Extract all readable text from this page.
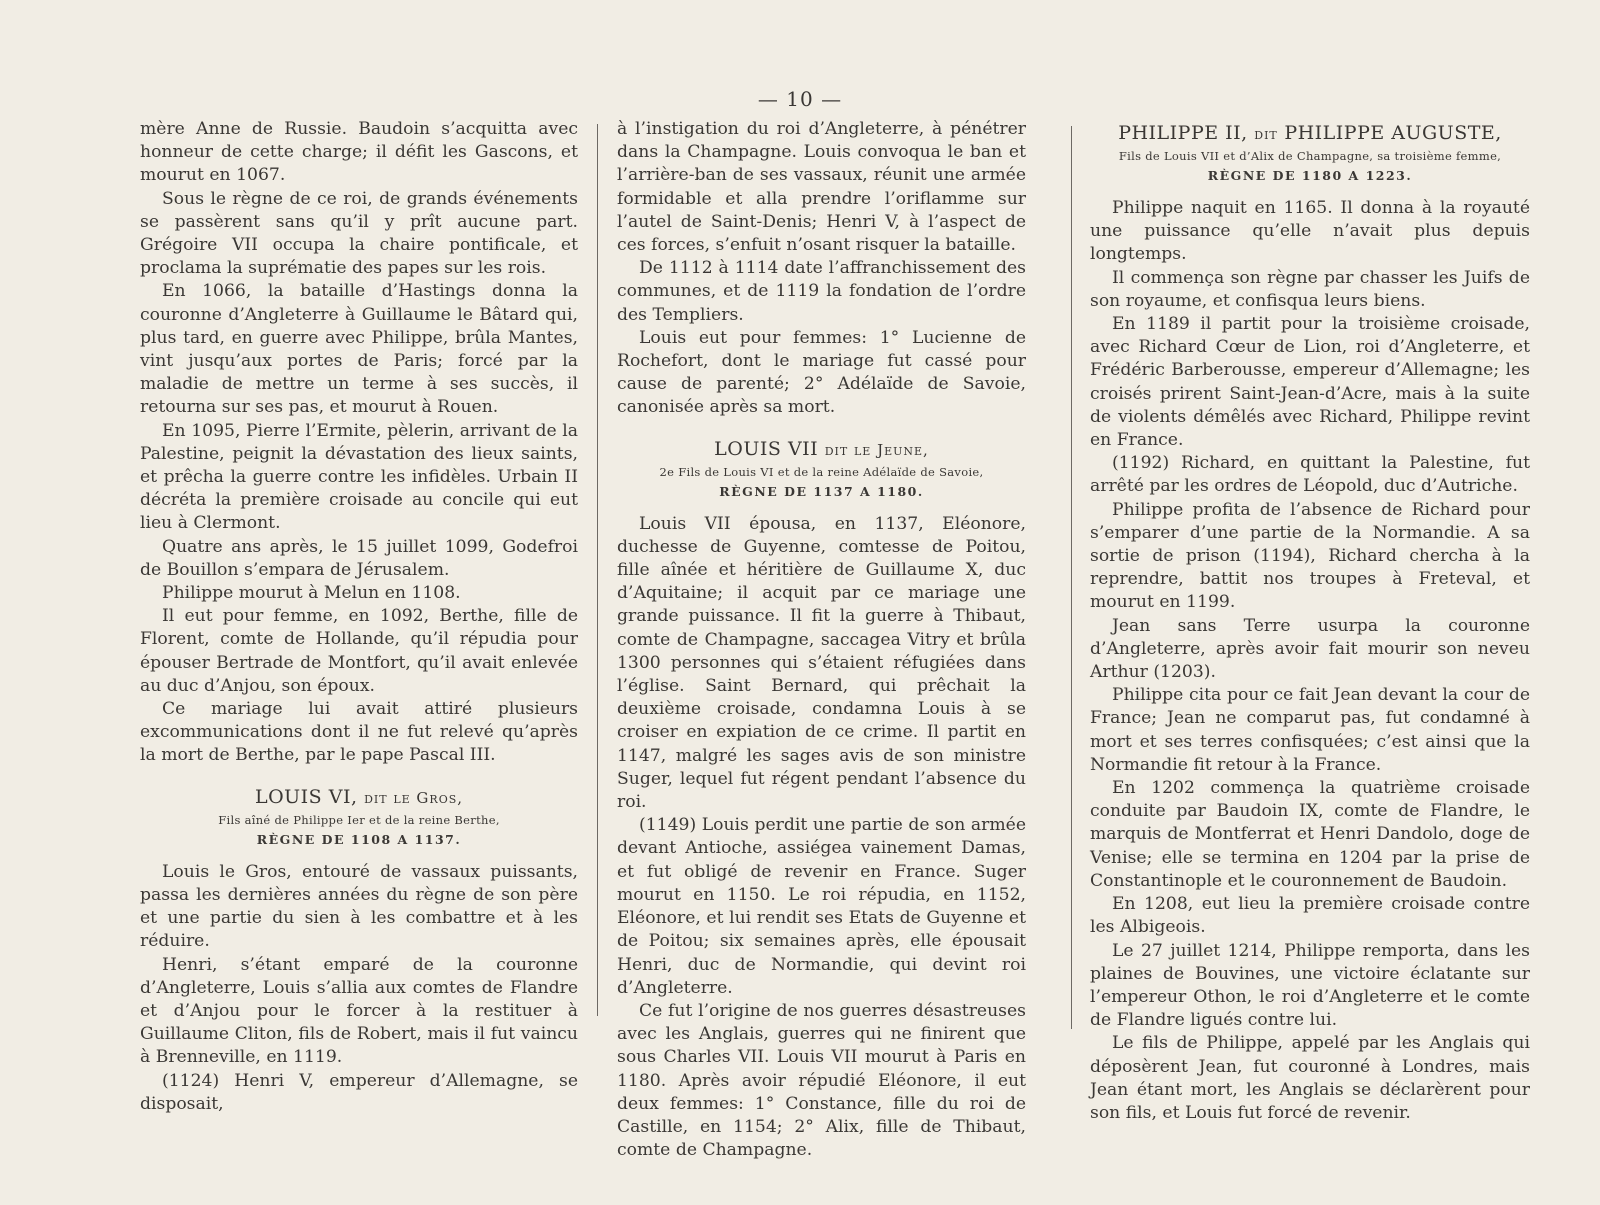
— 10 —

mère Anne de Russie. Baudoin s’acquitta avec honneur de cette charge; il défit les Gascons, et mourut en 1067.

Sous le règne de ce roi, de grands événements se passèrent sans qu’il y prît aucune part. Grégoire VII occupa la chaire pontificale, et proclama la suprématie des papes sur les rois.

En 1066, la bataille d’Hastings donna la couronne d’Angleterre à Guillaume le Bâtard qui, plus tard, en guerre avec Philippe, brûla Mantes, vint jusqu’aux portes de Paris; forcé par la maladie de mettre un terme à ses succès, il retourna sur ses pas, et mourut à Rouen.

En 1095, Pierre l’Ermite, pèlerin, arrivant de la Palestine, peignit la dévastation des lieux saints, et prêcha la guerre contre les infidèles. Urbain II décréta la première croisade au concile qui eut lieu à Clermont.

Quatre ans après, le 15 juillet 1099, Godefroi de Bouillon s’empara de Jérusalem.

Philippe mourut à Melun en 1108.

Il eut pour femme, en 1092, Berthe, fille de Florent, comte de Hollande, qu’il répudia pour épouser Bertrade de Montfort, qu’il avait enlevée au duc d’Anjou, son époux.

Ce mariage lui avait attiré plusieurs excommunications dont il ne fut relevé qu’après la mort de Berthe, par le pape Pascal III.

LOUIS VI, dit le Gros,
Fils aîné de Philippe Ier et de la reine Berthe,
RÈGNE DE 1108 A 1137.

Louis le Gros, entouré de vassaux puissants, passa les dernières années du règne de son père et une partie du sien à les combattre et à les réduire.

Henri, s’étant emparé de la couronne d’Angleterre, Louis s’allia aux comtes de Flandre et d’Anjou pour le forcer à la restituer à Guillaume Cliton, fils de Robert, mais il fut vaincu à Brenneville, en 1119.

(1124) Henri V, empereur d’Allemagne, se disposait,

à l’instigation du roi d’Angleterre, à pénétrer dans la Champagne. Louis convoqua le ban et l’arrière-ban de ses vassaux, réunit une armée formidable et alla prendre l’oriflamme sur l’autel de Saint-Denis; Henri V, à l’aspect de ces forces, s’enfuit n’osant risquer la bataille.

De 1112 à 1114 date l’affranchissement des communes, et de 1119 la fondation de l’ordre des Templiers.

Louis eut pour femmes: 1° Lucienne de Rochefort, dont le mariage fut cassé pour cause de parenté; 2° Adélaïde de Savoie, canonisée après sa mort.

LOUIS VII dit le Jeune,
2e Fils de Louis VI et de la reine Adélaïde de Savoie,
RÈGNE DE 1137 A 1180.

Louis VII épousa, en 1137, Eléonore, duchesse de Guyenne, comtesse de Poitou, fille aînée et héritière de Guillaume X, duc d’Aquitaine; il acquit par ce mariage une grande puissance. Il fit la guerre à Thibaut, comte de Champagne, saccagea Vitry et brûla 1300 personnes qui s’étaient réfugiées dans l’église. Saint Bernard, qui prêchait la deuxième croisade, condamna Louis à se croiser en expiation de ce crime. Il partit en 1147, malgré les sages avis de son ministre Suger, lequel fut régent pendant l’absence du roi.

(1149) Louis perdit une partie de son armée devant Antioche, assiégea vainement Damas, et fut obligé de revenir en France. Suger mourut en 1150. Le roi répudia, en 1152, Eléonore, et lui rendit ses Etats de Guyenne et de Poitou; six semaines après, elle épousait Henri, duc de Normandie, qui devint roi d’Angleterre.

Ce fut l’origine de nos guerres désastreuses avec les Anglais, guerres qui ne finirent que sous Charles VII. Louis VII mourut à Paris en 1180. Après avoir répudié Eléonore, il eut deux femmes: 1° Constance, fille du roi de Castille, en 1154; 2° Alix, fille de Thibaut, comte de Champagne.

PHILIPPE II, dit PHILIPPE AUGUSTE,
Fils de Louis VII et d’Alix de Champagne, sa troisième femme,
RÈGNE DE 1180 A 1223.

Philippe naquit en 1165. Il donna à la royauté une puissance qu’elle n’avait plus depuis longtemps.

Il commença son règne par chasser les Juifs de son royaume, et confisqua leurs biens.

En 1189 il partit pour la troisième croisade, avec Richard Cœur de Lion, roi d’Angleterre, et Frédéric Barberousse, empereur d’Allemagne; les croisés prirent Saint-Jean-d’Acre, mais à la suite de violents démêlés avec Richard, Philippe revint en France.

(1192) Richard, en quittant la Palestine, fut arrêté par les ordres de Léopold, duc d’Autriche.

Philippe profita de l’absence de Richard pour s’emparer d’une partie de la Normandie. A sa sortie de prison (1194), Richard chercha à la reprendre, battit nos troupes à Freteval, et mourut en 1199.

Jean sans Terre usurpa la couronne d’Angleterre, après avoir fait mourir son neveu Arthur (1203).

Philippe cita pour ce fait Jean devant la cour de France; Jean ne comparut pas, fut condamné à mort et ses terres confisquées; c’est ainsi que la Normandie fit retour à la France.

En 1202 commença la quatrième croisade conduite par Baudoin IX, comte de Flandre, le marquis de Montferrat et Henri Dandolo, doge de Venise; elle se termina en 1204 par la prise de Constantinople et le couronnement de Baudoin.

En 1208, eut lieu la première croisade contre les Albigeois.

Le 27 juillet 1214, Philippe remporta, dans les plaines de Bouvines, une victoire éclatante sur l’empereur Othon, le roi d’Angleterre et le comte de Flandre ligués contre lui.

Le fils de Philippe, appelé par les Anglais qui déposèrent Jean, fut couronné à Londres, mais Jean étant mort, les Anglais se déclarèrent pour son fils, et Louis fut forcé de revenir.
